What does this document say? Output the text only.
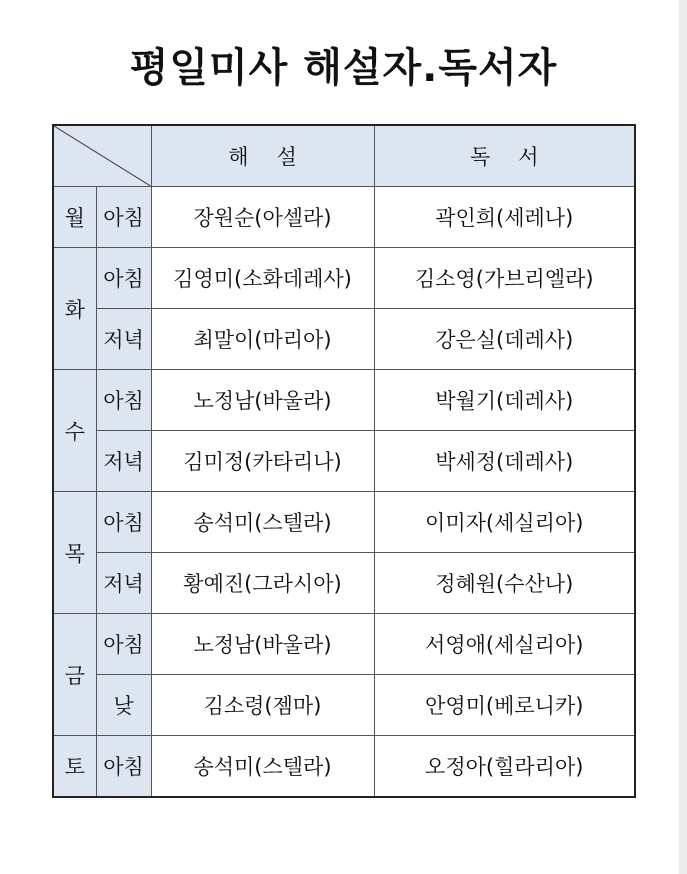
평일미사 해설자.독서자
	해설	독서
월	아침	장원순(아셀라)	곽인희(세레나)
화	아침	김영미(소화데레사)	김소영(가브리엘라)
	저녁	최말이(마리아)	강은실(데레사)
수	아침	노정남(바울라)	박월기(데레사)
	저녁	김미정(카타리나)	박세정(데레사)
목	아침	송석미(스텔라)	이미자(세실리아)
	저녁	황예진(그라시아)	정혜원(수산나)
금	아침	노정남(바울라)	서영애(세실리아)
	낮	김소령(젬마)	안영미(베로니카)
토	아침	송석미(스텔라)	오정아(힐라리아)
